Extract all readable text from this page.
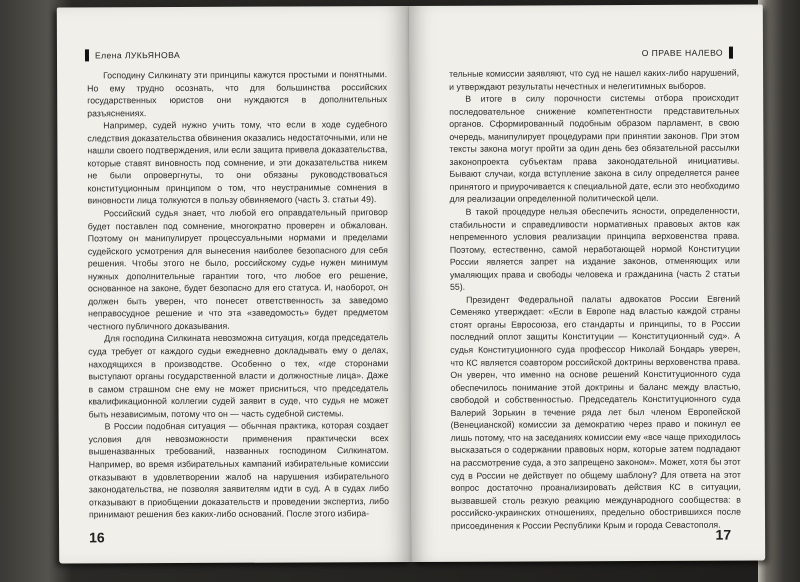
Елена ЛУКЬЯНОВА

Господину Силкинату эти принципы кажутся простыми и понятными. Но ему трудно осознать, что для большинства российских государственных юристов они нуждаются в дополнительных разъяснениях.

Например, судей нужно учить тому, что если в ходе судебного следствия доказательства обвинения оказались недостаточными, или не нашли своего подтверждения, или если защита привела доказательства, которые ставят виновность под сомнение, и эти доказательства никем не были опровергнуты, то они обязаны руководствоваться конституционным принципом о том, что неустранимые сомнения в виновности лица толкуются в пользу обвиняемого (часть 3. статьи 49).

Российский судья знает, что любой его оправдательный приговор будет поставлен под сомнение, многократно проверен и обжалован. Поэтому он манипулирует процессуальными нормами и пределами судейского усмотрения для вынесения наиболее безопасного для себя решения. Чтобы этого не было, российскому судье нужен минимум нужных дополнительные гарантии того, что любое его решение, основанное на законе, будет безопасно для его статуса. И, наоборот, он должен быть уверен, что понесет ответственность за заведомо неправосудное решение и что эта «заведомость» будет предметом честного публичного доказывания.

Для господина Силкината невозможна ситуация, когда председатель суда требует от каждого судьи ежедневно докладывать ему о делах, находящихся в производстве. Особенно о тех, «где сторонами выступают органы государственной власти и должностные лица». Даже в самом страшном сне ему не может присниться, что председатель квалификационной коллегии судей заявит в суде, что судья не может быть независимым, потому что он — часть судебной системы.

В России подобная ситуация — обычная практика, которая создает условия для невозможности применения практически всех вышеназванных требований, названных господином Силкинатом. Например, во время избирательных кампаний избирательные комиссии отказывают в удовлетворении жалоб на нарушения избирательного законодательства, не позволяя заявителям идти в суд. А в судах либо отказывают в приобщении доказательств и проведении экспертиз, либо принимают решения без каких-либо оснований. После этого избира-

16
О ПРАВЕ НАЛЕВО

тельные комиссии заявляют, что суд не нашел каких-либо нарушений, и утверждают результаты нечестных и нелегитимных выборов.

В итоге в силу порочности системы отбора происходит последовательное снижение компетентности представительных органов. Сформированный подобным образом парламент, в свою очередь, манипулирует процедурами при принятии законов. При этом тексты закона могут пройти за один день без обязательной рассылки законопроекта субъектам права законодательной инициативы. Бывают случаи, когда вступление закона в силу определяется ранее принятого и приурочивается к специальной дате, если это необходимо для реализации определенной политической цели.

В такой процедуре нельзя обеспечить ясности, определенности, стабильности и справедливости нормативных правовых актов как непременного условия реализации принципа верховенства права. Поэтому, естественно, самой неработающей нормой Конституции России является запрет на издание законов, отменяющих или умаляющих права и свободы человека и гражданина (часть 2 статьи 55).

Президент Федеральной палаты адвокатов России Евгений Семеняко утверждает: «Если в Европе над властью каждой страны стоят органы Евросоюза, его стандарты и принципы, то в России последний оплот защиты Конституции — Конституционный суд». А судья Конституционного суда профессор Николай Бондарь уверен, что КС является соавтором российской доктрины верховенства права. Он уверен, что именно на основе решений Конституционного суда обеспечилось понимание этой доктрины и баланс между властью, свободой и собственностью. Председатель Конституционного суда Валерий Зорькин в течение ряда лет был членом Европейской (Венецианской) комиссии за демократию через право и покинул ее лишь потому, что на заседаниях комиссии ему «все чаще приходилось высказаться о содержании правовых норм, которые затем подпадают на рассмотрение суда, а это запрещено законом». Может, хотя бы этот суд в России не действует по общему шаблону? Для ответа на этот вопрос достаточно проанализировать действия КС в ситуации, вызвавшей столь резкую реакцию международного сообщества: в российско-украинских отношениях, предельно обострившихся после присоединения к России Республики Крым и города Севастополя.

17
